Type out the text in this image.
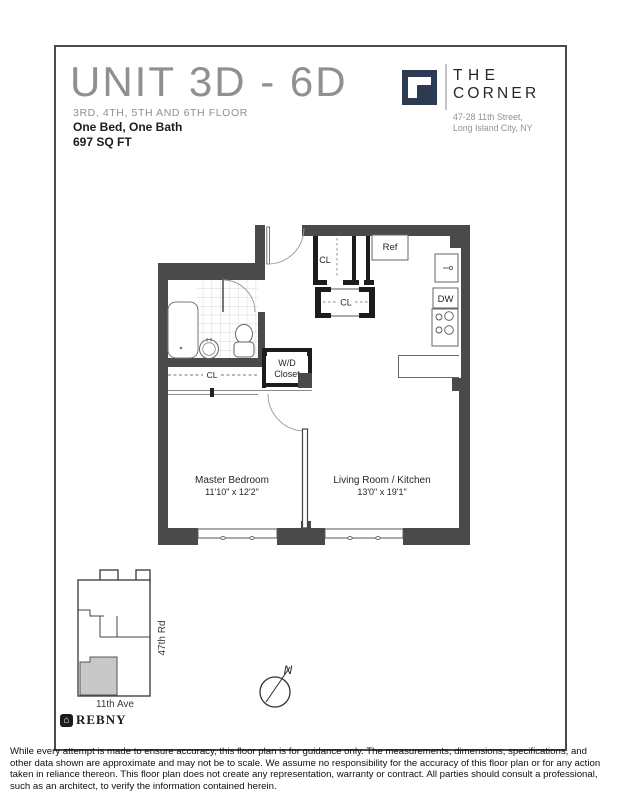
UNIT 3D - 6D
3RD, 4TH, 5TH AND 6TH FLOOR
One Bed, One Bath
697 SQ FT
THE
CORNER
47-28 11th Street,
Long Island City, NY
CL
CL
CL
Ref
DW
W/D
Closet
Master Bedroom
11'10" x 12'2"
Living Room / Kitchen
13'0" x 19'1"
47th Rd
11th Ave
⌂ REBNY
N
While every attempt is made to ensure accuracy, this floor plan is for guidance only. The measurements, dimensions, specifications, and
other data shown are approximate and may not be to scale. We assume no responsibility for the accuracy of this floor plan or for any action
taken in reliance thereon. This floor plan does not create any representation, warranty or contract. All parties should consult a professional,
such as an architect, to verify the information contained herein.
